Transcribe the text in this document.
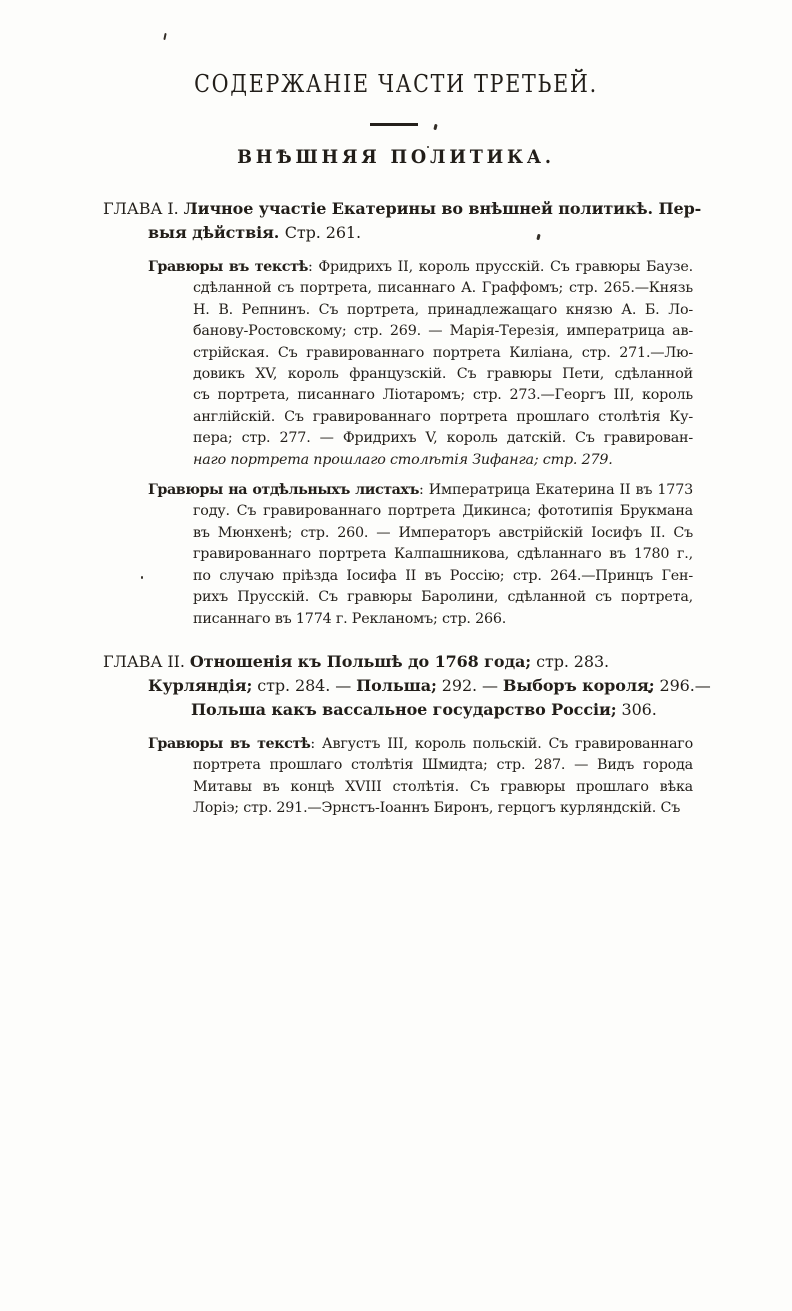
СОДЕРЖАНІЕ ЧАСТИ ТРЕТЬЕЙ.
ВНѢШНЯЯ ПОЛИТИКА.
ГЛАВА I. Личное участіе Екатерины во внѣшней политикѣ. Пер-
выя дѣйствія. Стр. 261.
Гравюры въ текстѣ: Фридрихъ II, король прусскій. Съ гравюры Баузе.
сдѣланной съ портрета, писаннаго А. Граффомъ; стр. 265.—Князь
Н. В. Репнинъ. Съ портрета, принадлежащаго князю А. Б. Ло-
банову-Ростовскому; стр. 269. — Марія-Терезія, императрица ав-
стрійская. Съ гравированнаго портрета Киліана, стр. 271.—Лю-
довикъ XV, король французскій. Съ гравюры Пети, сдѣланной
съ портрета, писаннаго Ліотаромъ; стр. 273.—Георгъ III, король
англійскій. Съ гравированнаго портрета прошлаго столѣтія Ку-
пера; стр. 277. — Фридрихъ V, король датскій. Съ гравирован-
наго портрета прошлаго столѣтія Зифанга; стр. 279.
Гравюры на отдѣльныхъ листахъ: Императрица Екатерина II въ 1773
году. Съ гравированнаго портрета Дикинса; фототипія Брукмана
въ Мюнхенѣ; стр. 260. — Императоръ австрійскій Іосифъ II. Съ
гравированнаго портрета Калпашникова, сдѣланнаго въ 1780 г.,
по случаю пріѣзда Іосифа II въ Россію; стр. 264.—Принцъ Ген-
рихъ Прусскій. Съ гравюры Баролини, сдѣланной съ портрета,
писаннаго въ 1774 г. Рекланомъ; стр. 266.
ГЛАВА II. Отношенія къ Польшѣ до 1768 года; стр. 283.
Курляндія; стр. 284. — Польша; 292. — Выборъ короля; 296.—
Польша какъ вассальное государство Россіи; 306.
Гравюры въ текстѣ: Августъ III, король польскій. Съ гравированнаго
портрета прошлаго столѣтія Шмидта; стр. 287. — Видъ города
Митавы въ концѣ XVIII столѣтія. Съ гравюры прошлаго вѣка
Лоріэ; стр. 291.—Эрнстъ-Іоаннъ Биронъ, герцогъ курляндскій. Съ
